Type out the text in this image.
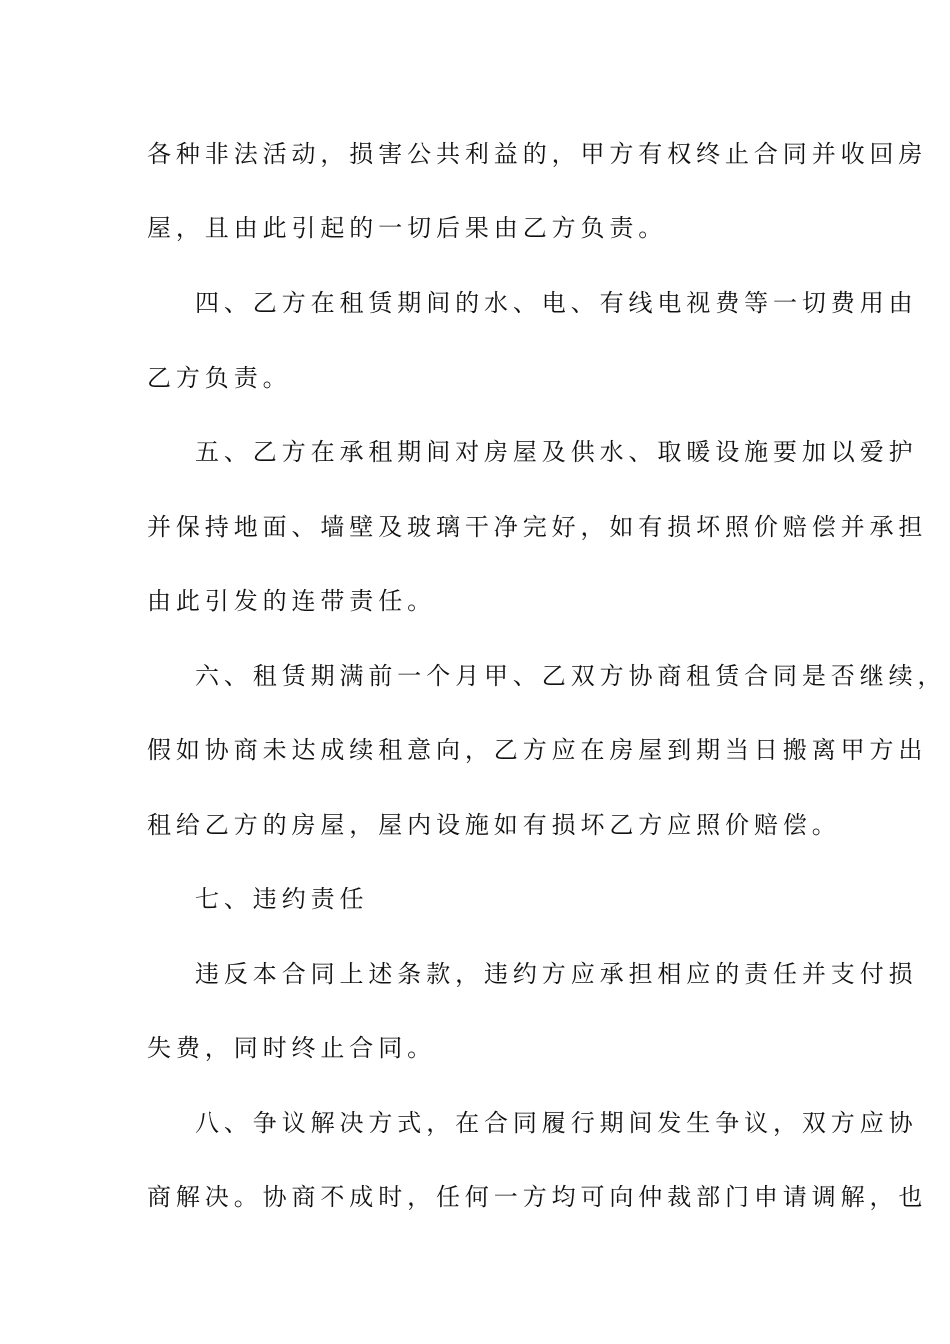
各种非法活动，损害公共利益的，甲方有权终止合同并收回房
屋，且由此引起的一切后果由乙方负责。
四、乙方在租赁期间的水、电、有线电视费等一切费用由
乙方负责。
五、乙方在承租期间对房屋及供水、取暖设施要加以爱护
并保持地面、墙壁及玻璃干净完好，如有损坏照价赔偿并承担
由此引发的连带责任。
六、租赁期满前一个月甲、乙双方协商租赁合同是否继续，
假如协商未达成续租意向，乙方应在房屋到期当日搬离甲方出
租给乙方的房屋，屋内设施如有损坏乙方应照价赔偿。
七、违约责任
违反本合同上述条款，违约方应承担相应的责任并支付损
失费，同时终止合同。
八、争议解决方式，在合同履行期间发生争议，双方应协
商解决。协商不成时，任何一方均可向仲裁部门申请调解，也
